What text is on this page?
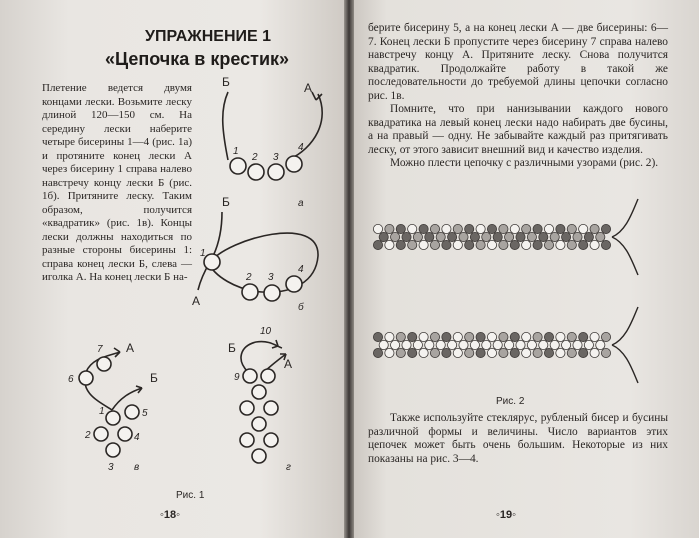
УПРАЖНЕНИЕ 1
«Цепочка в крестик»

Плетение ведется двумя концами лески. Возьмите леску длиной 120—150 см. На середину лески наберите четыре бисерины 1—4 (рис. 1а) и протяните конец лески А через бисерину 1 справа налево навстречу концу лески Б (рис. 1б). Притяните леску. Таким образом, получится «квадратик» (рис. 1в). Концы лески должны находиться по разные стороны бисерины 1: справа конец лески Б, слева — иголка А. На конец лески Б на-

Б	А
1
2 3
4
а
Б
А
1
2 3
4
б
А
Б
7
6
5
1
2	4
3 в
Б
А
10
9
г
Рис. 1
◦18◦

берите бисерину 5, а на конец лески А — две бисерины: 6—7. Конец лески Б пропустите через бисерину 7 справа налево навстречу концу А. Притяните леску. Снова получится квадратик. Продолжайте работу в такой же последовательности до требуемой длины цепочки согласно рис. 1в.

Помните, что при нанизывании каждого нового квадратика на левый конец лески надо набирать две бусины, а на правый — одну. Не забывайте каждый раз притягивать леску, от этого зависит внешний вид и качество изделия.

Можно плести цепочку с различными узорами (рис. 2).

Рис. 2

Также используйте стеклярус, рубленый бисер и бусины различной формы и величины. Число вариантов этих цепочек может быть очень большим. Некоторые из них показаны на рис. 3—4.

◦19◦
